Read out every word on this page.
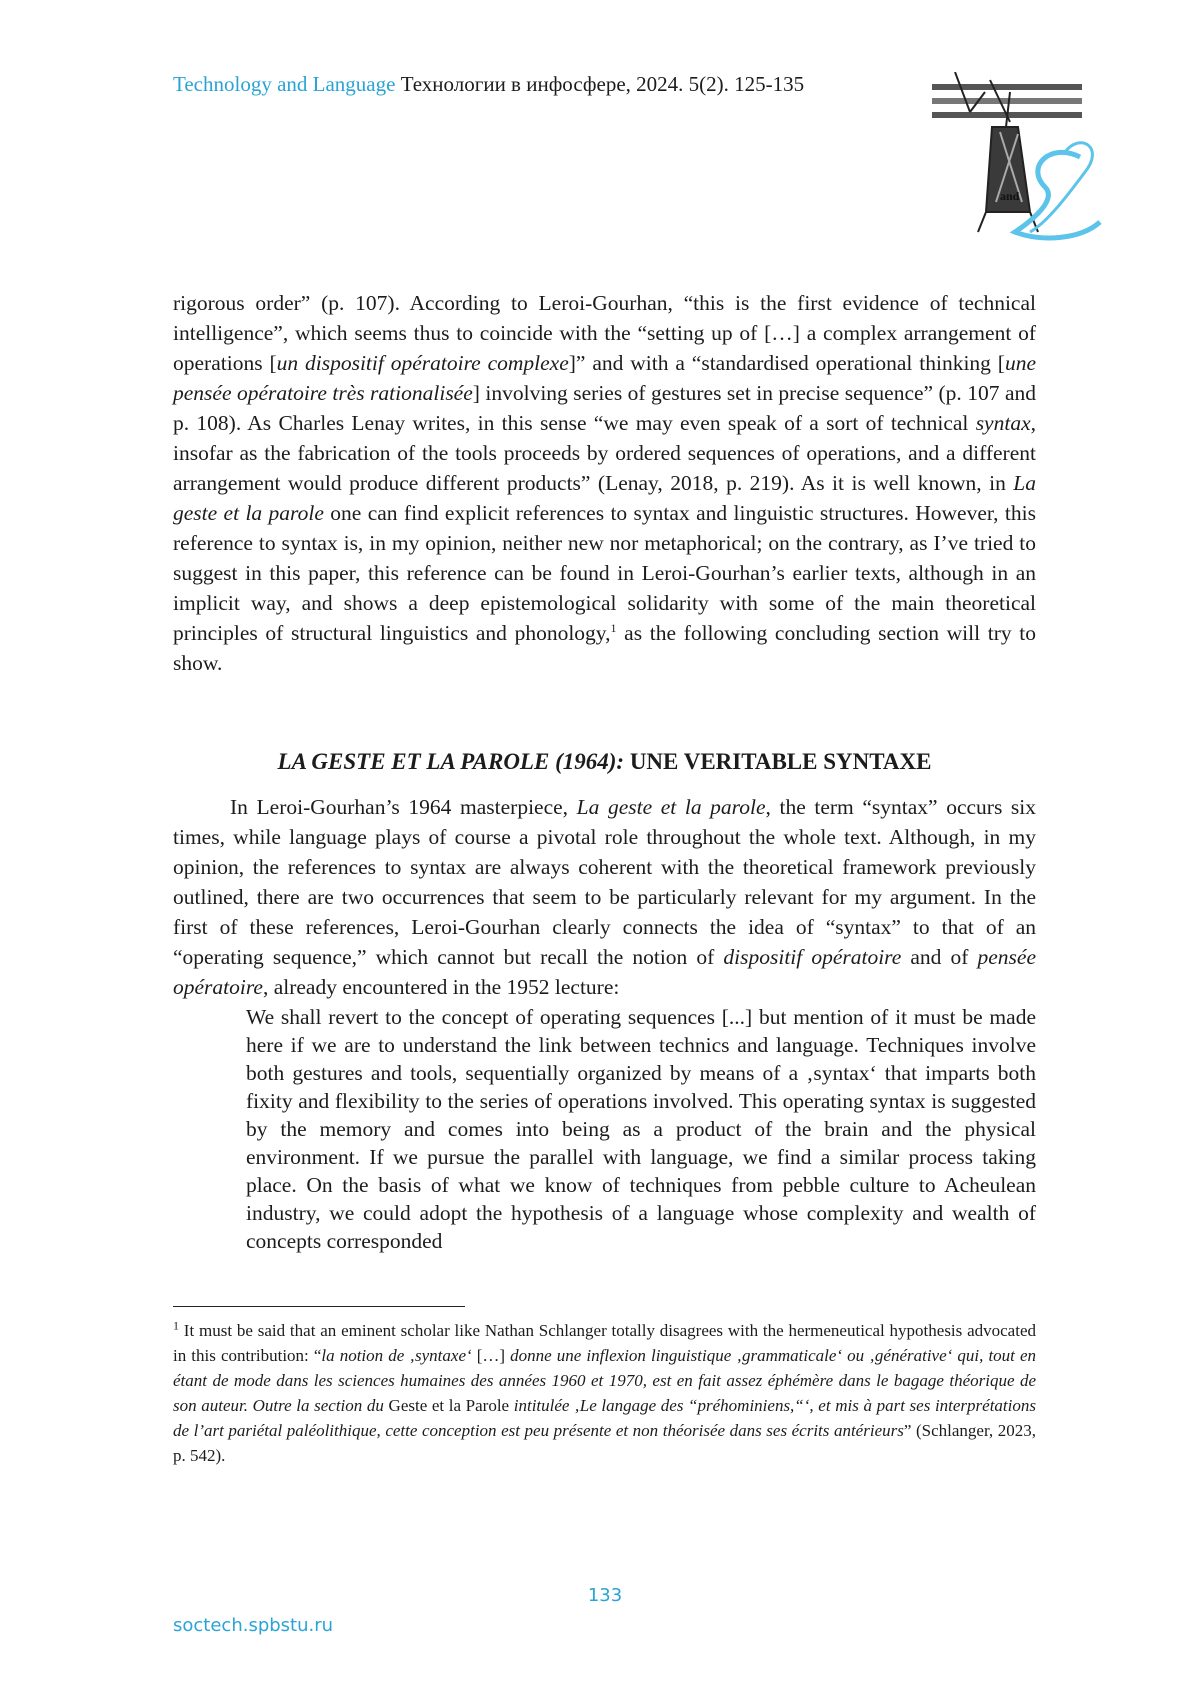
Technology and Language Технологии в инфосфере, 2024. 5(2). 125-135
and

rigorous order” (p. 107). According to Leroi-Gourhan, “this is the first evidence of technical intelligence”, which seems thus to coincide with the “setting up of […] a complex arrangement of operations [un dispositif opératoire complexe]” and with a “standardised operational thinking [une pensée opératoire très rationalisée] involving series of gestures set in precise sequence” (p. 107 and p. 108). As Charles Lenay writes, in this sense “we may even speak of a sort of technical syntax, insofar as the fabrication of the tools proceeds by ordered sequences of operations, and a different arrangement would produce different products” (Lenay, 2018, p. 219). As it is well known, in La geste et la parole one can find explicit references to syntax and linguistic structures. However, this reference to syntax is, in my opinion, neither new nor metaphorical; on the contrary, as I’ve tried to suggest in this paper, this reference can be found in Leroi-Gourhan’s earlier texts, although in an implicit way, and shows a deep epistemological solidarity with some of the main theoretical principles of structural linguistics and phonology,$^1$ as the following concluding section will try to show.

LA GESTE ET LA PAROLE (1964): UNE VERITABLE SYNTAXE

In Leroi-Gourhan’s 1964 masterpiece, La geste et la parole, the term “syntax” occurs six times, while language plays of course a pivotal role throughout the whole text. Although, in my opinion, the references to syntax are always coherent with the theoretical framework previously outlined, there are two occurrences that seem to be particularly relevant for my argument. In the first of these references, Leroi-Gourhan clearly connects the idea of “syntax” to that of an “operating sequence,” which cannot but recall the notion of dispositif opératoire and of pensée opératoire, already encountered in the 1952 lecture:

We shall revert to the concept of operating sequences [...] but mention of it must be made here if we are to understand the link between technics and language. Techniques involve both gestures and tools, sequentially organized by means of a ‚syntax‘ that imparts both fixity and flexibility to the series of operations involved. This operating syntax is suggested by the memory and comes into being as a product of the brain and the physical environment. If we pursue the parallel with language, we find a similar process taking place. On the basis of what we know of techniques from pebble culture to Acheulean industry, we could adopt the hypothesis of a language whose complexity and wealth of concepts corresponded

$^1$ It must be said that an eminent scholar like Nathan Schlanger totally disagrees with the hermeneutical hypothesis advocated in this contribution: “la notion de ‚syntaxe‘ […] donne une inflexion linguistique ‚grammaticale‘ ou ‚générative‘ qui, tout en étant de mode dans les sciences humaines des années 1960 et 1970, est en fait assez éphémère dans le bagage théorique de son auteur. Outre la section du Geste et la Parole intitulée ‚Le langage des “préhominiens,“‘, et mis à part ses interprétations de l’art pariétal paléolithique, cette conception est peu présente et non théorisée dans ses écrits antérieurs” (Schlanger, 2023, p. 542).

133
soctech.spbstu.ru
